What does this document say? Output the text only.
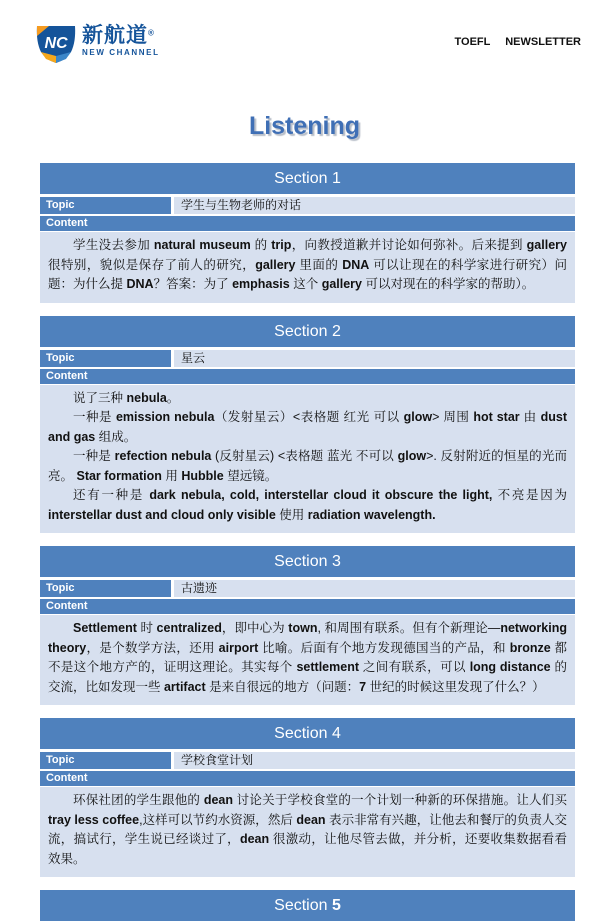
NC 新航道®
NEW CHANNEL
TOEFL NEWSLETTER
Listening
Section 1
Topic	学生与生物老师的对话
Content

学生没去参加 natural museum 的 trip，向教授道歉并讨论如何弥补。后来提到 gallery 很特别，貌似是保存了前人的研究，gallery 里面的 DNA 可以让现在的科学家进行研究）问题：为什么提 DNA？答案：为了 emphasis 这个 gallery 可以对现在的科学家的帮助）。

Section 2
Topic	星云
Content

说了三种 nebula。

一种是 emission nebula（发射星云）<表格题 红光 可以 glow> 周围 hot star 由 dust and gas 组成。

一种是 refection nebula (反射星云) <表格题 蓝光 不可以 glow>. 反射附近的恒星的光而亮。 Star formation 用 Hubble 望远镜。

还有一种是 dark nebula, cold, interstellar cloud it obscure the light, 不亮是因为 interstellar dust and cloud only visible 使用 radiation wavelength.

Section 3
Topic	古遗迹
Content

Settlement 时 centralized，即中心为 town, 和周围有联系。但有个新理论—networking theory，是个数学方法，还用 airport 比喻。后面有个地方发现德国当的产品，和 bronze 都不是这个地方产的，证明这理论。其实每个 settlement 之间有联系，可以 long distance 的交流，比如发现一些 artifact 是来自很远的地方（问题：7 世纪的时候这里发现了什么？）

Section 4
Topic	学校食堂计划
Content

环保社团的学生跟他的 dean 讨论关于学校食堂的一个计划一种新的环保措施。让人们买 tray less coffee,这样可以节约水资源，然后 dean 表示非常有兴趣，让他去和餐厅的负责人交流，搞试行，学生说已经谈过了，dean 很激动，让他尽管去做，并分析，还要收集数据看看效果。

Section 5
